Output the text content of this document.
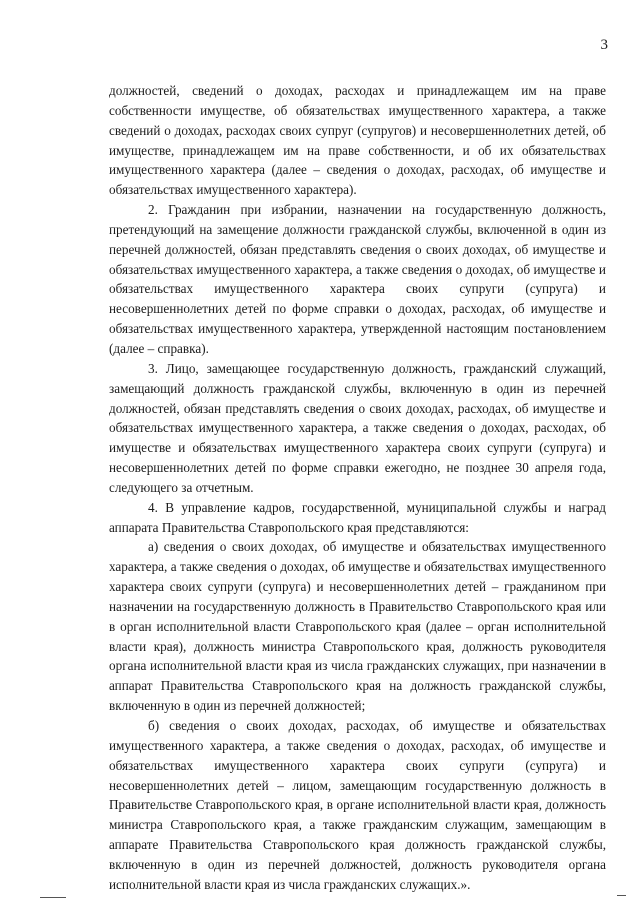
3

должностей, сведений о доходах, расходах и принадлежащем им на праве собственности имуществе, об обязательствах имущественного характера, а также сведений о доходах, расходах своих супруг (супругов) и несовершеннолетних детей, об имуществе, принадлежащем им на праве собственности, и об их обязательствах имущественного характера (далее – сведения о доходах, расходах, об имуществе и обязательствах имущественного характера).

2. Гражданин при избрании, назначении на государственную должность, претендующий на замещение должности гражданской службы, включенной в один из перечней должностей, обязан представлять сведения о своих доходах, об имуществе и обязательствах имущественного характера, а также сведения о доходах, об имуществе и обязательствах имущественного характера своих супруги (супруга) и несовершеннолетних детей по форме справки о доходах, расходах, об имуществе и обязательствах имущественного характера, утвержденной настоящим постановлением (далее – справка).

3. Лицо, замещающее государственную должность, гражданский служащий, замещающий должность гражданской службы, включенную в один из перечней должностей, обязан представлять сведения о своих доходах, расходах, об имуществе и обязательствах имущественного характера, а также сведения о доходах, расходах, об имуществе и обязательствах имущественного характера своих супруги (супруга) и несовершеннолетних детей по форме справки ежегодно, не позднее 30 апреля года, следующего за отчетным.

4. В управление кадров, государственной, муниципальной службы и наград аппарата Правительства Ставропольского края представляются:

а) сведения о своих доходах, об имуществе и обязательствах имущественного характера, а также сведения о доходах, об имуществе и обязательствах имущественного характера своих супруги (супруга) и несовершеннолетних детей – гражданином при назначении на государственную должность в Правительство Ставропольского края или в орган исполнительной власти Ставропольского края (далее – орган исполнительной власти края), должность министра Ставропольского края, должность руководителя органа исполнительной власти края из числа гражданских служащих, при назначении в аппарат Правительства Ставропольского края на должность гражданской службы, включенную в один из перечней должностей;

б) сведения о своих доходах, расходах, об имуществе и обязательствах имущественного характера, а также сведения о доходах, расходах, об имуществе и обязательствах имущественного характера своих супруги (супруга) и несовершеннолетних детей – лицом, замещающим государственную должность в Правительстве Ставропольского края, в органе исполнительной власти края, должность министра Ставропольского края, а также гражданским служащим, замещающим в аппарате Правительства Ставропольского края должность гражданской службы, включенную в один из перечней должностей, должность руководителя органа исполнительной власти края из числа гражданских служащих.».
